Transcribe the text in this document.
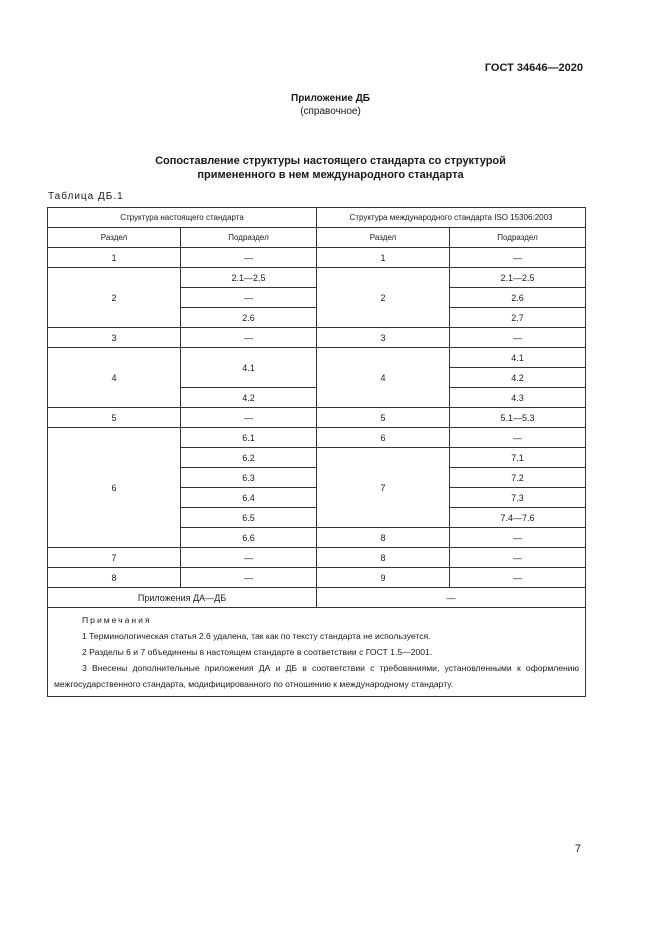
ГОСТ 34646—2020
Приложение ДБ
(справочное)
Сопоставление структуры настоящего стандарта со структурой
примененного в нем международного стандарта
Таблица ДБ.1
Структура настоящего стандарта		Структура международного стандарта ISO 15306:2003	
Раздел	Подраздел	Раздел	Подраздел
1	—	1	—
2	2.1—2.5	2	2.1—2.5
	—		2.6
	2.6		2.7
3	—	3	—
4	4.1	4	4.1
			4.2
	4.2		4.3
5	—	5	5.1—5.3
6	6.1	6	—
	6.2	7	7.1
	6.3		7.2
	6.4		7.3
	6.5		7.4—7.6
	6.6	8	—
7	—	8	—
8	—	9	—
Приложения ДА—ДБ		—	

Примечания

1 Терминологическая статья 2.6 удалена, так как по тексту стандарта не используется.

2 Разделы 6 и 7 объединены в настоящем стандарте в соответствии с ГОСТ 1.5—2001.

3 Внесены дополнительные приложения ДА и ДБ в соответствии с требованиями, установленными к оформлению межгосударственного стандарта, модифицированного по отношению к международному стандарту.			

7
